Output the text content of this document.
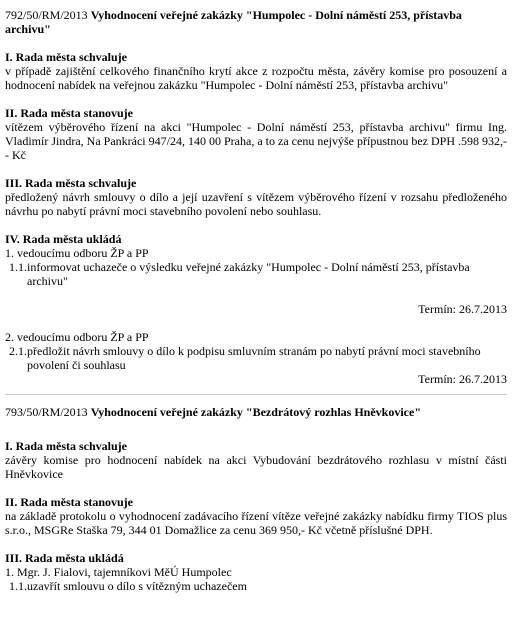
792/50/RM/2013 Vyhodnocení veřejné zakázky "Humpolec - Dolní náměstí 253, přístavba archivu"
I. Rada města schvaluje
v případě zajištění celkového finančního krytí akce z rozpočtu města, závěry komise pro posouzení a hodnocení nabídek na veřejnou zakázku "Humpolec - Dolní náměstí 253, přístavba archivu"
II. Rada města stanovuje
vítězem výběrového řízení na akci "Humpolec - Dolní náměstí 253, přístavba archivu" firmu Ing. Vladimír Jindra, Na Pankráci 947/24, 140 00 Praha, a to za cenu nejvýše přípustnou bez DPH .598 932,-- Kč
III. Rada města schvaluje
předložený návrh smlouvy o dílo a její uzavření s vítězem výběrového řízení v rozsahu předloženého návrhu po nabytí právní moci stavebního povolení nebo souhlasu.
IV. Rada města ukládá
1. vedoucímu odboru ŽP a PP
1.1. informovat uchazeče o výsledku veřejné zakázky "Humpolec - Dolní náměstí 253, přístavba archivu"
Termín: 26.7.2013
2. vedoucímu odboru ŽP a PP
2.1. předložit návrh smlouvy o dílo k podpisu smluvním stranám po nabytí právní moci stavebního povolení či souhlasu
Termín: 26.7.2013
793/50/RM/2013 Vyhodnocení veřejné zakázky "Bezdrátový rozhlas Hněvkovice"
I. Rada města schvaluje
závěry komise pro hodnocení nabídek na akci Vybudování bezdrátového rozhlasu v místní části Hněvkovice
II. Rada města stanovuje
na základě protokolu o vyhodnocení zadávacího řízení vítěze veřejné zakázky nabídku firmy TIOS plus s.r.o., MSGRe Staška 79, 344 01 Domažlice za cenu 369 950,- Kč včetně příslušné DPH.
III. Rada města ukládá
1. Mgr. J. Fialovi, tajemníkovi MěÚ Humpolec
1.1. uzavřít smlouvu o dílo s vítězným uchazečem
